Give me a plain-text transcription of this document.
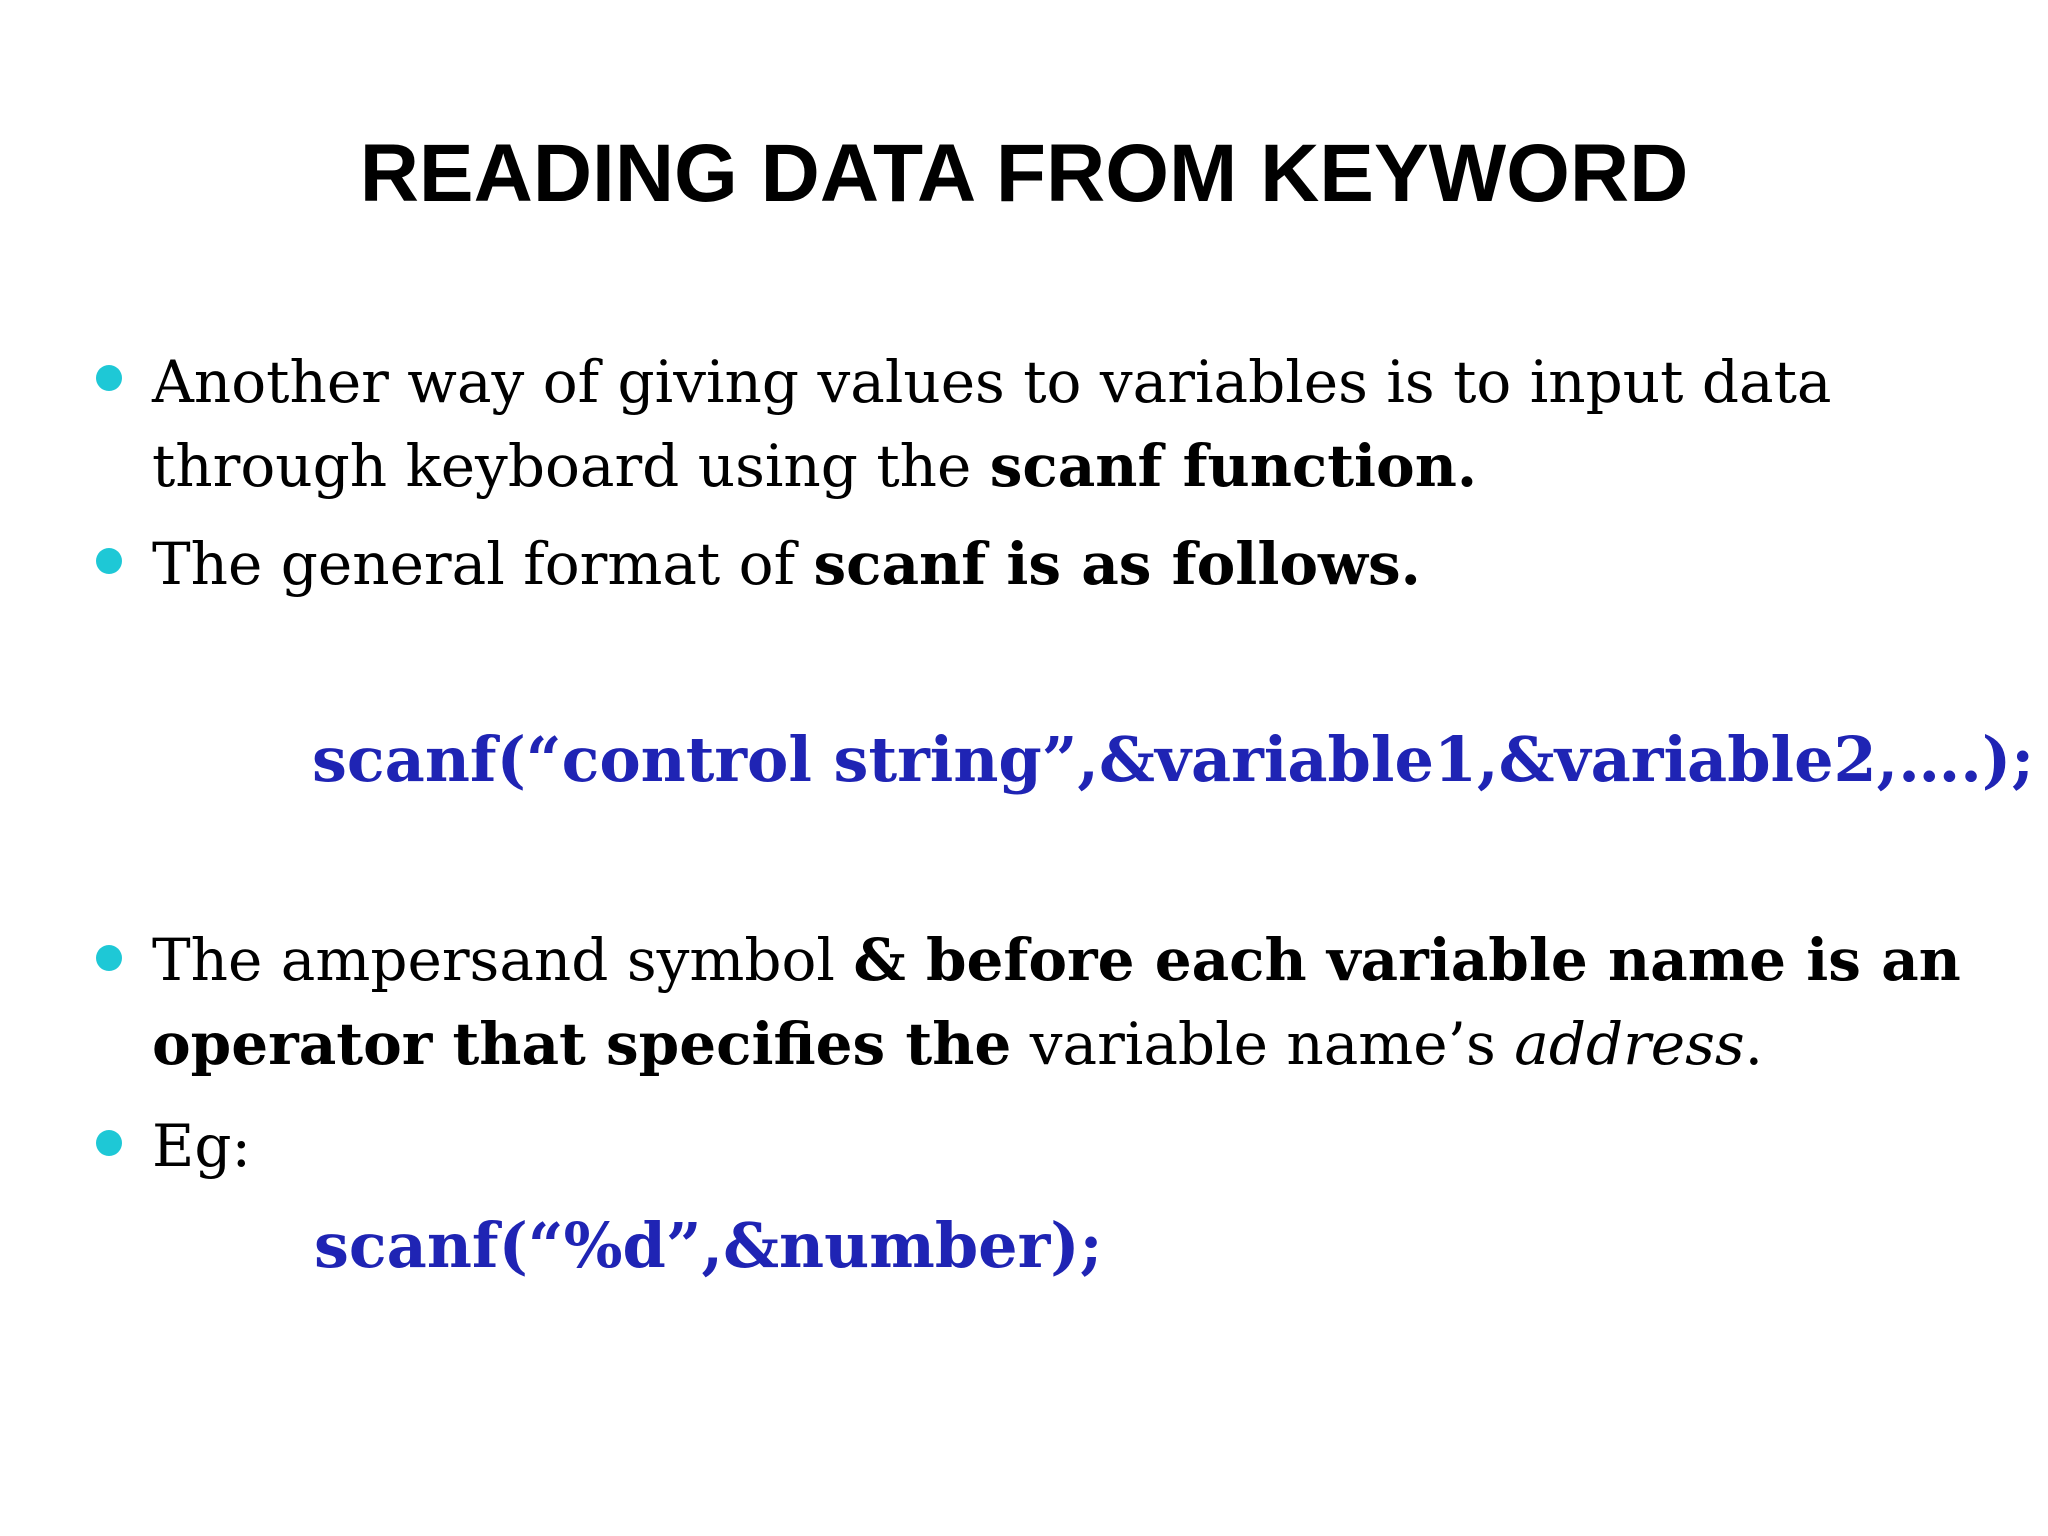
READING DATA FROM KEYWORD
Another way of giving values to variables is to input data through keyboard using the scanf function.
The general format of scanf is as follows.
scanf(“control string”,&variable1,&variable2,….);
The ampersand symbol & before each variable name is an operator that specifies the variable name’s address.
Eg:
scanf(“%d”,&number);
